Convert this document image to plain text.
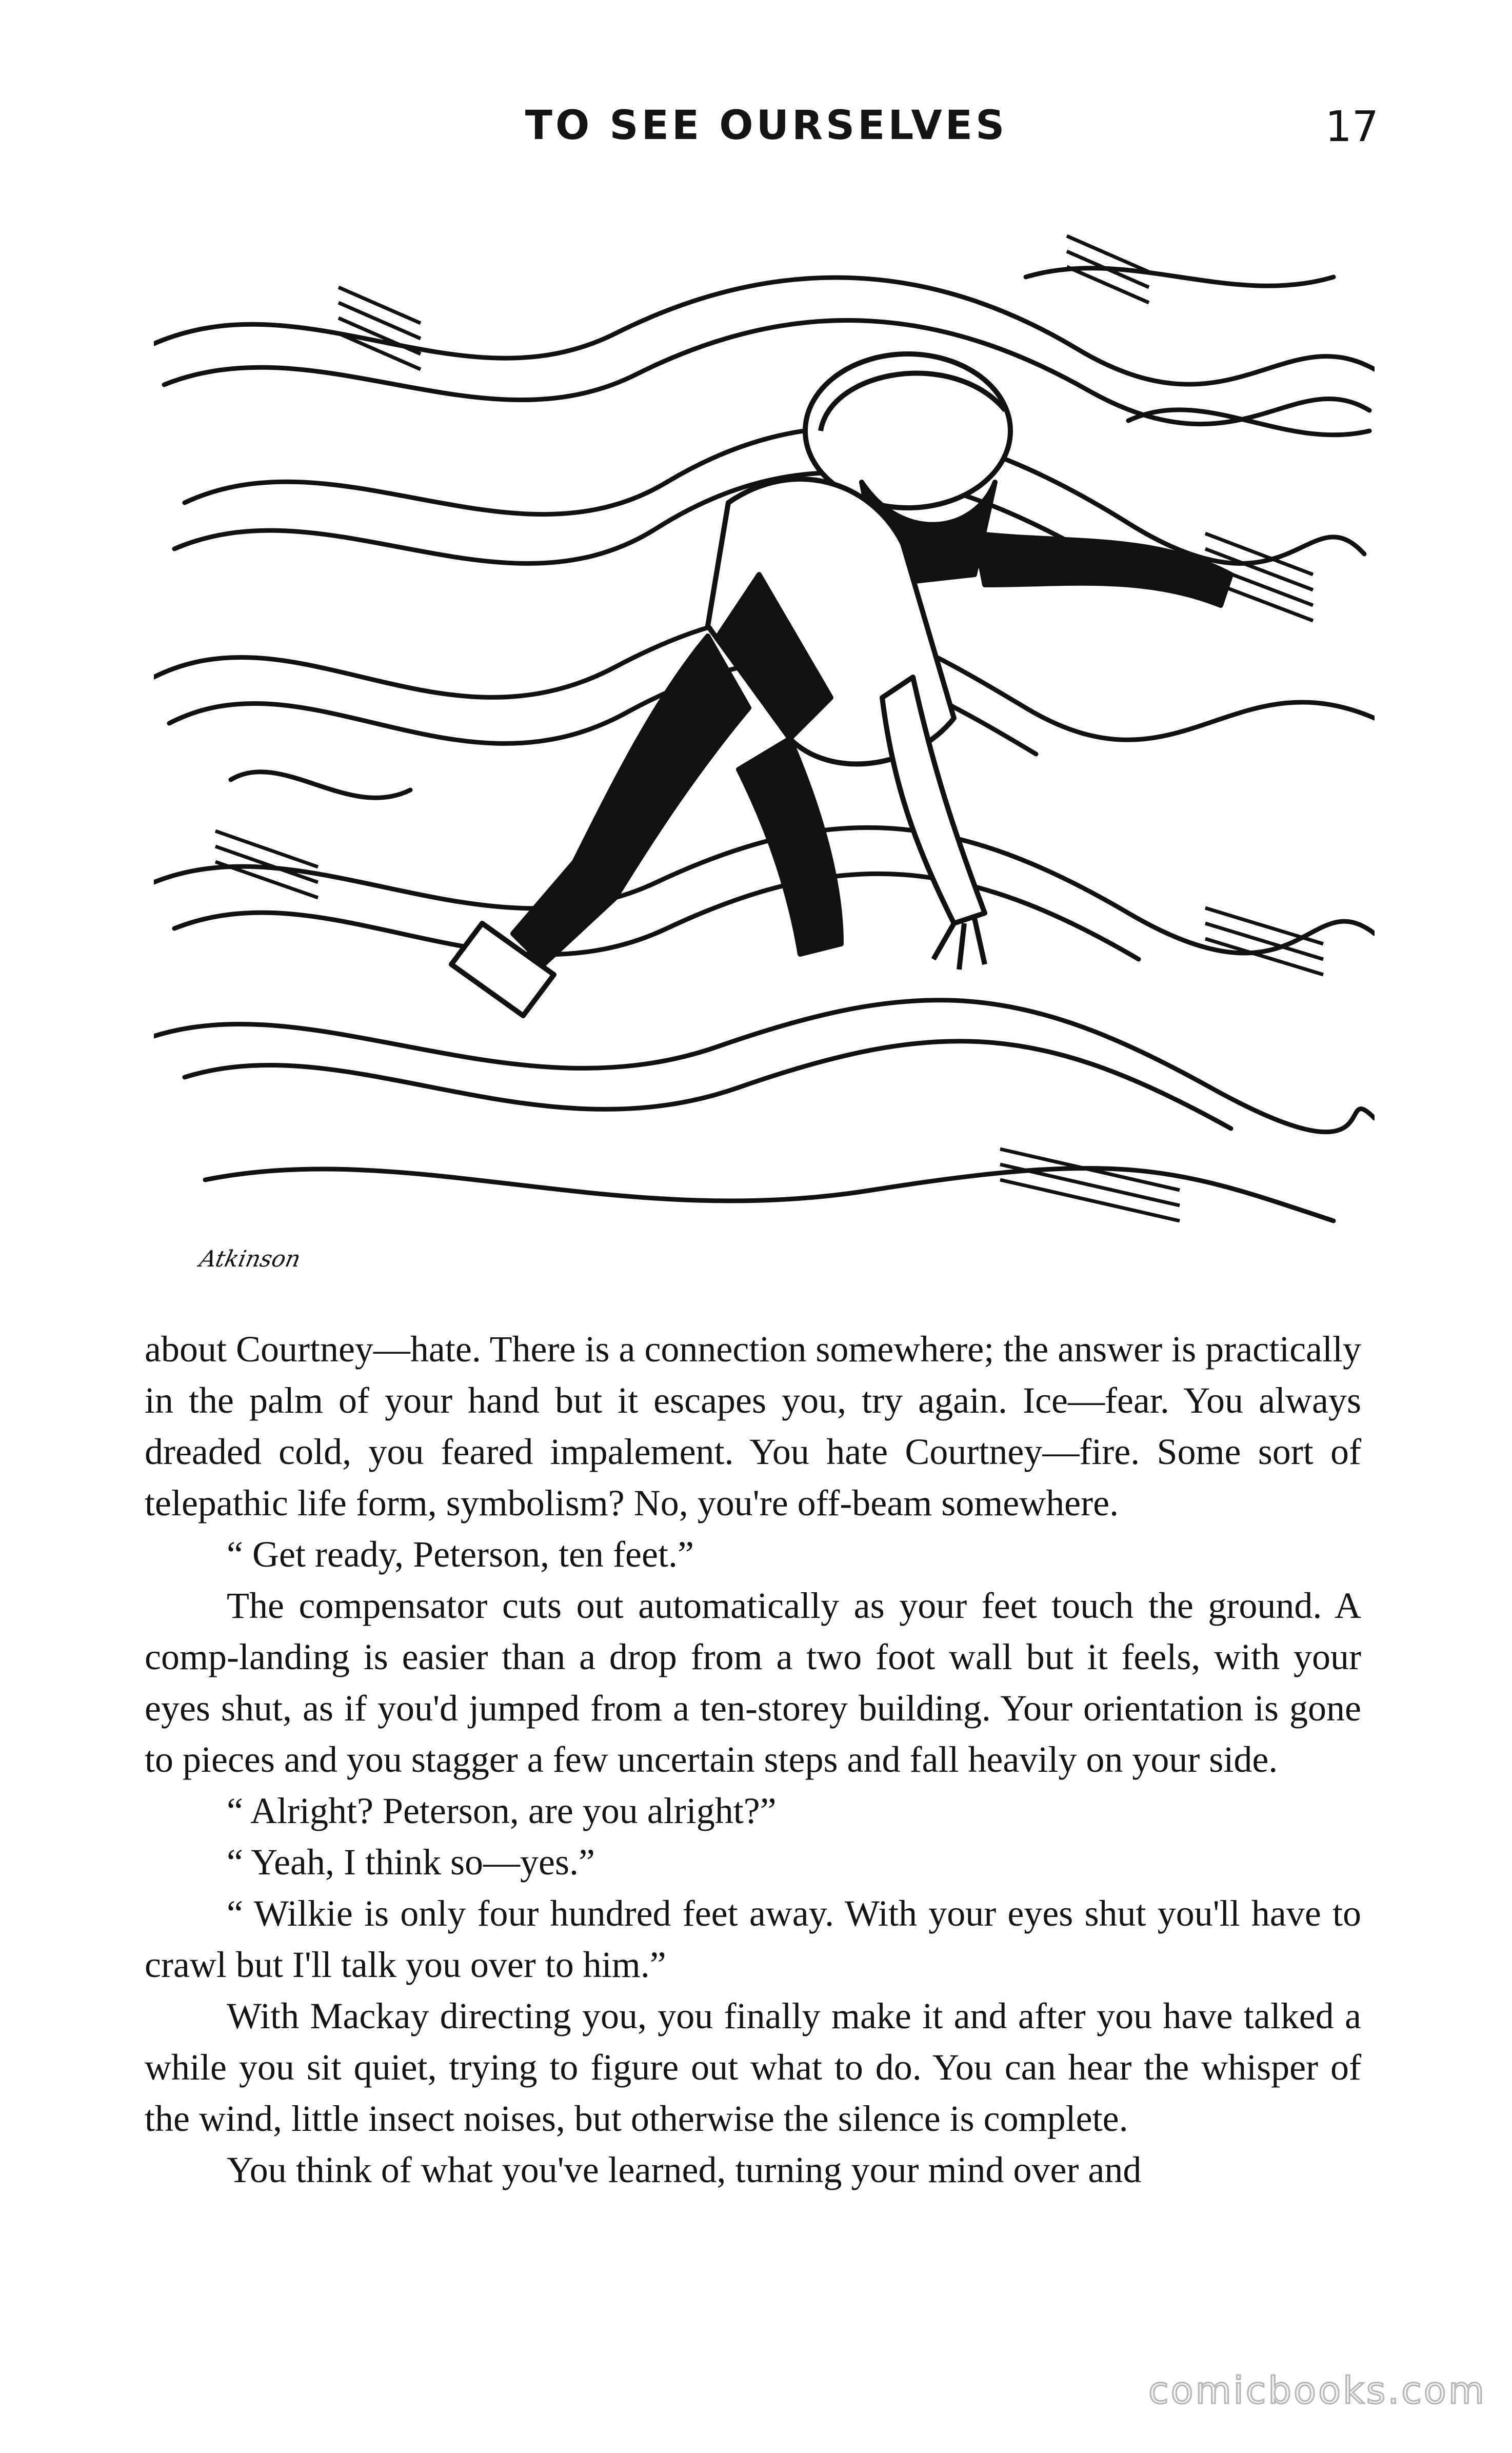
TO SEE OURSELVES	17
Atkinson

about Courtney—hate. There is a connection somewhere; the answer is practically in the palm of your hand but it escapes you, try again. Ice—fear. You always dreaded cold, you feared impalement. You hate Courtney—fire. Some sort of telepathic life form, symbolism? No, you're off-beam somewhere.

“ Get ready, Peterson, ten feet.”

The compensator cuts out automatically as your feet touch the ground. A comp-landing is easier than a drop from a two foot wall but it feels, with your eyes shut, as if you'd jumped from a ten-storey building. Your orientation is gone to pieces and you stagger a few uncertain steps and fall heavily on your side.

“ Alright? Peterson, are you alright?”

“ Yeah, I think so—yes.”

“ Wilkie is only four hundred feet away. With your eyes shut you'll have to crawl but I'll talk you over to him.”

With Mackay directing you, you finally make it and after you have talked a while you sit quiet, trying to figure out what to do. You can hear the whisper of the wind, little insect noises, but otherwise the silence is complete.

You think of what you've learned, turning your mind over and

comicbooks.com
